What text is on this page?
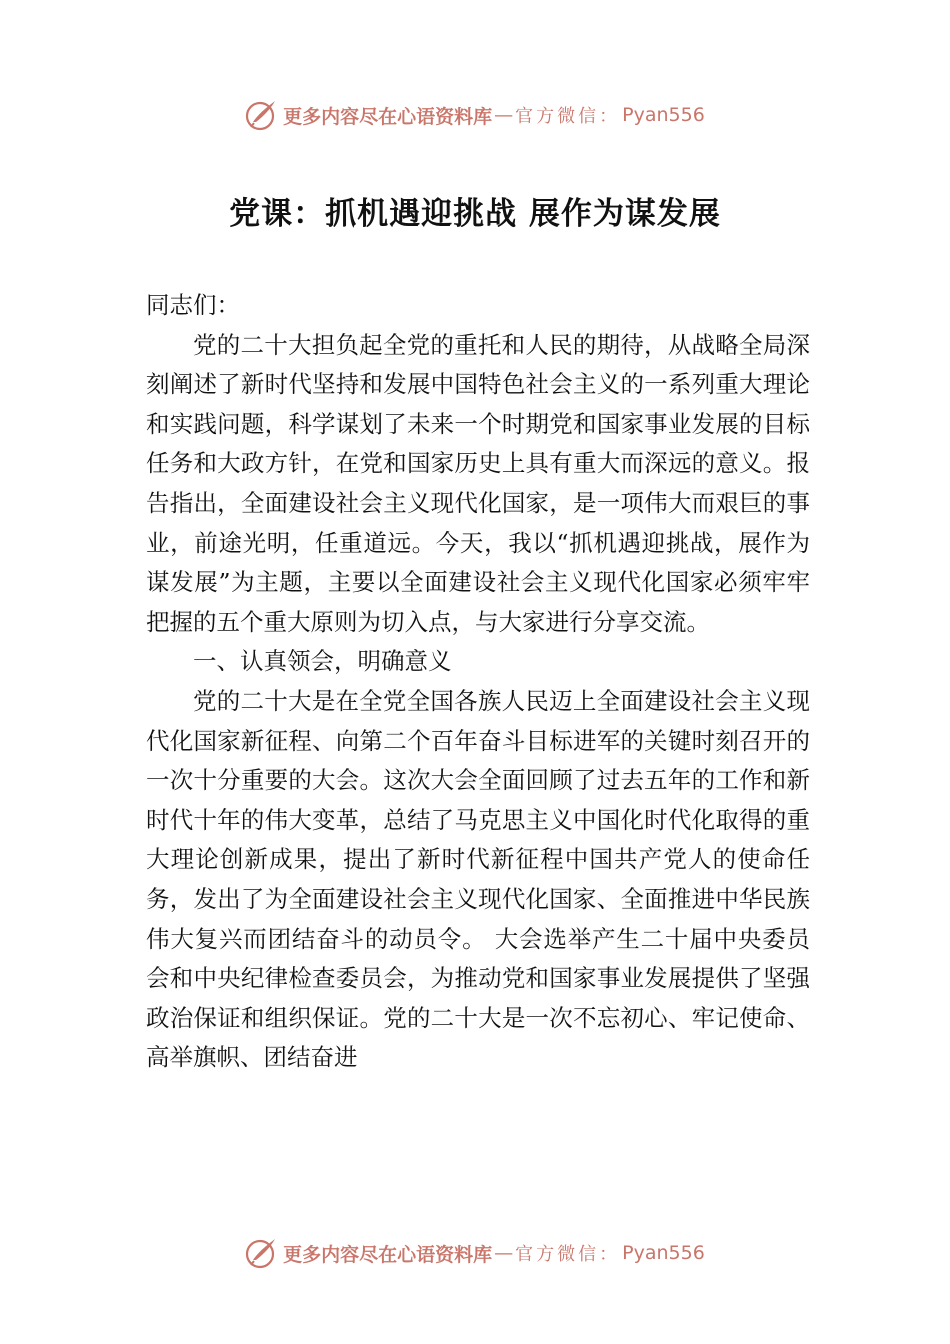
更多内容尽在心语资料库 — 官方微信： Pyan556
党课：抓机遇迎挑战 展作为谋发展

同志们：

党的二十大担负起全党的重托和人民的期待，从战略全局深刻阐述了新时代坚持和发展中国特色社会主义的一系列重大理论和实践问题，科学谋划了未来一个时期党和国家事业发展的目标任务和大政方针，在党和国家历史上具有重大而深远的意义。报告指出，全面建设社会主义现代化国家，是一项伟大而艰巨的事业，前途光明，任重道远。今天，我以“抓机遇迎挑战，展作为谋发展”为主题，主要以全面建设社会主义现代化国家必须牢牢把握的五个重大原则为切入点，与大家进行分享交流。

一、认真领会，明确意义

党的二十大是在全党全国各族人民迈上全面建设社会主义现代化国家新征程、向第二个百年奋斗目标进军的关键时刻召开的一次十分重要的大会。这次大会全面回顾了过去五年的工作和新时代十年的伟大变革，总结了马克思主义中国化时代化取得的重大理论创新成果，提出了新时代新征程中国共产党人的使命任务，发出了为全面建设社会主义现代化国家、全面推进中华民族伟大复兴而团结奋斗的动员令。 大会选举产生二十届中央委员会和中央纪律检查委员会，为推动党和国家事业发展提供了坚强政治保证和组织保证。党的二十大是一次不忘初心、牢记使命、高举旗帜、团结奋进

更多内容尽在心语资料库 — 官方微信： Pyan556
